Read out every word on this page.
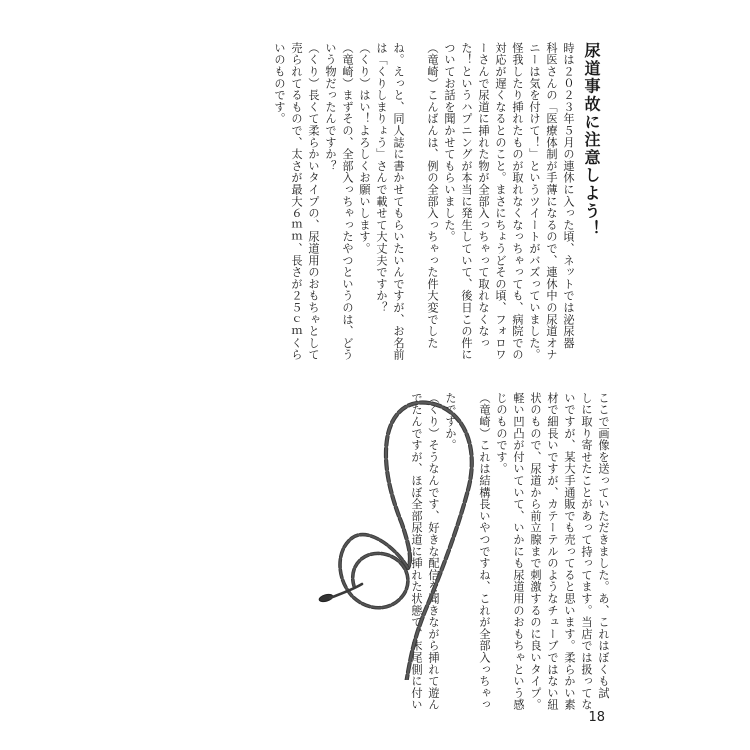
尿道事故に注意しよう！

時は２０２３年５月の連休に入った頃、ネットでは泌尿器

科医さんの「医療体制が手薄になるので、連休中の尿道オナ

ニーは気を付けて！」というツイートがバズっていました。

怪我したり挿れたものが取れなくなっちゃっても、病院での

対応が遅くなるとのこと。まさにちょうどその頃、フォロワ

ーさんで尿道に挿れた物が全部入っちゃって取れなくなっ

た！というハプニングが本当に発生していて、後日この件に

ついてお話を聞かせてもらいました。

（竜崎）こんばんは、例の全部入っちゃった件大変でした

ね。えっと、同人誌に書かせてもらいたいんですが、お名前

は「くりしまりょう」さんで載せて大丈夫ですか？

（くり）はい！よろしくお願いします。

（竜崎）まずその、全部入っちゃったやつというのは、どう

いう物だったんですか？

（くり）長くて柔らかいタイプの、尿道用のおもちゃとして

売られてるもので、太さが最大６ｍｍ、長さが２５ｃｍくら

いのものです。

ここで画像を送っていただきました。あ、これはぼくも試

しに取り寄せたことがあって持ってます。当店では扱ってな

いですが、某大手通販でも売ってると思います。柔らかい素

材で細長いですが、カテーテルのようなチューブではない紐

状のもので、尿道から前立腺まで刺激するのに良いタイプ。

軽い凹凸が付いていて、いかにも尿道用のおもちゃという感

じのものです。

（竜崎）これは結構長いやつですね、これが全部入っちゃっ

たですか。

（くり）そうなんです、好きな配信を聞きながら挿れて遊ん

でたんですが、ほぼ全部尿道に挿れた状態で、末尾側に付い

18
